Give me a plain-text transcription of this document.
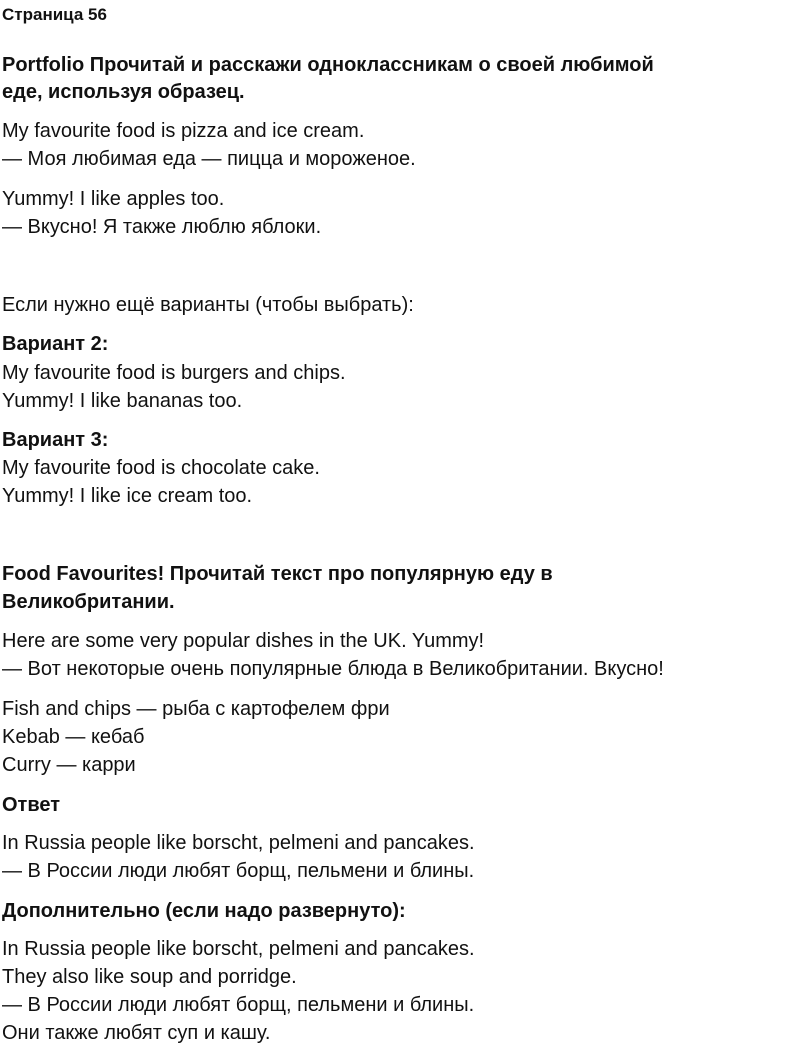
Страница 56
Portfolio Прочитай и расскажи одноклассникам о своей любимой
еде, используя образец.
My favourite food is pizza and ice cream.
— Моя любимая еда — пицца и мороженое.
Yummy! I like apples too.
— Вкусно! Я также люблю яблоки.
Если нужно ещё варианты (чтобы выбрать):
Вариант 2:
My favourite food is burgers and chips.
Yummy! I like bananas too.
Вариант 3:
My favourite food is chocolate cake.
Yummy! I like ice cream too.
Food Favourites! Прочитай текст про популярную еду в
Великобритании.
Here are some very popular dishes in the UK. Yummy!
— Вот некоторые очень популярные блюда в Великобритании. Вкусно!
Fish and chips — рыба с картофелем фри
Kebab — кебаб
Curry — карри
Ответ
In Russia people like borscht, pelmeni and pancakes.
— В России люди любят борщ, пельмени и блины.
Дополнительно (если надо развернуто):
In Russia people like borscht, pelmeni and pancakes.
They also like soup and porridge.
— В России люди любят борщ, пельмени и блины.
Они также любят суп и кашу.
